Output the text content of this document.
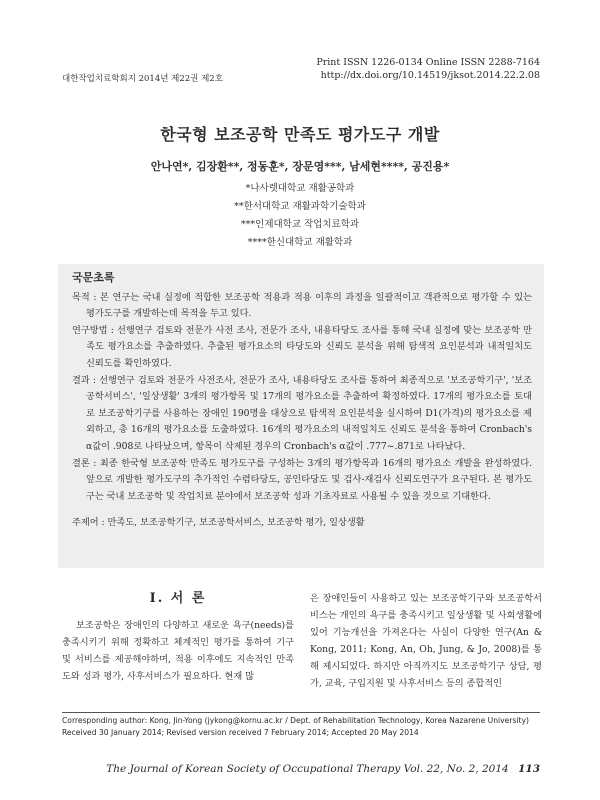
Print ISSN 1226-0134 Online ISSN 2288-7164
http://dx.doi.org/10.14519/jksot.2014.22.2.08
대한작업치료학회지 2014년 제22권 제2호
한국형 보조공학 만족도 평가도구 개발
안나연*, 김장환**, 정동훈*, 장문영***, 남세현****, 공진용*
*나사렛대학교 재활공학과
**한서대학교 재활과학기술학과
***인제대학교 작업치료학과
****한신대학교 재활학과
국문초록

목적 : 본 연구는 국내 실정에 적합한 보조공학 적용과 적용 이후의 과정을 일괄적이고 객관적으로 평가할 수 있는 평가도구를 개발하는데 목적을 두고 있다.

연구방법 : 선행연구 검토와 전문가 사전 조사, 전문가 조사, 내용타당도 조사를 통해 국내 실정에 맞는 보조공학 만족도 평가요소를 추출하였다. 추출된 평가요소의 타당도와 신뢰도 분석을 위해 탐색적 요인분석과 내적일치도 신뢰도를 확인하였다.

결과 : 선행연구 검토와 전문가 사전조사, 전문가 조사, 내용타당도 조사를 통하여 최종적으로 '보조공학기구', '보조공학서비스', '일상생활' 3개의 평가항목 및 17개의 평가요소를 추출하여 확정하였다. 17개의 평가요소를 토대로 보조공학기구를 사용하는 장애인 190명을 대상으로 탐색적 요인분석을 실시하여 D1(가격)의 평가요소를 제외하고, 총 16개의 평가요소를 도출하였다. 16개의 평가요소의 내적일치도 신뢰도 분석을 통하여 Cronbach's α값이 .908로 나타났으며, 항목이 삭제된 경우의 Cronbach's α값이 .777~.871로 나타났다.

결론 : 최종 한국형 보조공학 만족도 평가도구를 구성하는 3개의 평가항목과 16개의 평가요소 개발을 완성하였다. 앞으로 개발한 평가도구의 추가적인 수렴타당도, 공인타당도 및 검사-재검사 신뢰도연구가 요구된다. 본 평가도구는 국내 보조공학 및 작업치료 분야에서 보조공학 성과 기초자료로 사용될 수 있을 것으로 기대한다.

주제어 : 만족도, 보조공학기구, 보조공학서비스, 보조공학 평가, 일상생활

Ⅰ. 서 론

보조공학은 장애인의 다양하고 새로운 욕구(needs)를 충족시키기 위해 정확하고 체계적인 평가를 통하여 기구 및 서비스를 제공해야하며, 적용 이후에도 지속적인 만족도와 성과 평가, 사후서비스가 필요하다. 현재 많

은 장애인들이 사용하고 있는 보조공학기구와 보조공학서비스는 개인의 욕구를 충족시키고 일상생활 및 사회생활에 있어 기능개선을 가져온다는 사실이 다양한 연구(An & Kong, 2011; Kong, An, Oh, Jung, & Jo, 2008)를 통해 제시되었다. 하지만 아직까지도 보조공학기구 상담, 평가, 교육, 구입지원 및 사후서비스 등의 종합적인

Corresponding author: Kong, Jin-Yong (jykong@kornu.ac.kr / Dept. of Rehabilitation Technology, Korea Nazarene University)
Received 30 January 2014; Revised version received 7 February 2014; Accepted 20 May 2014
The Journal of Korean Society of Occupational Therapy Vol. 22, No. 2, 2014 113
